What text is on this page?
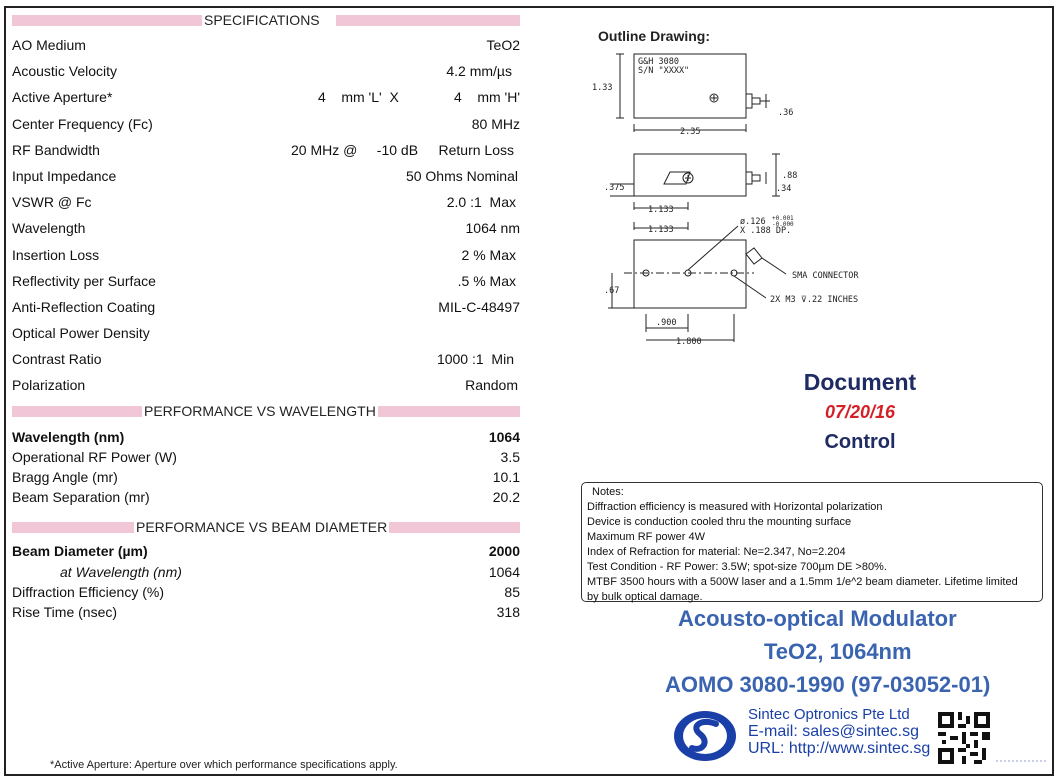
SPECIFICATIONS
AO Medium	TeO2
Acoustic Velocity	4.2 mm/µs
Active Aperture*	4    mm 'L'  X	4    mm 'H'
Center Frequency (Fc)	80 MHz
RF Bandwidth	20 MHz @     -10 dB Return Loss
Input Impedance	50 Ohms Nominal
VSWR @ Fc	2.0 :1  Max
Wavelength	1064 nm
Insertion Loss	2 % Max
Reflectivity per Surface	.5 % Max
Anti-Reflection Coating	MIL-C-48497
Optical Power Density
Contrast Ratio	1000 :1  Min
Polarization	Random
PERFORMANCE VS WAVELENGTH
Wavelength (nm)	1064
Operational RF Power (W)	3.5
Bragg Angle (mr)	10.1
Beam Separation (mr)	20.2
PERFORMANCE VS BEAM DIAMETER
Beam Diameter (µm)	2000
at Wavelength (nm)	1064
Diffraction Efficiency (%)	85
Rise Time (nsec)	318
*Active Aperture: Aperture over which performance specifications apply.
Outline Drawing:
G&H 3080
S/N "XXXX"
1.33
.36
2.35
.88
.34
.375
1.133
1.133
ø.126 +0.001
-0.000
X .188 DP.
SMA CONNECTOR
2X M3 ⊽.22 INCHES
.67
.900
1.800
Document
07/20/16
Control
Notes:
Diffraction efficiency is measured with Horizontal polarization
Device is conduction cooled thru the mounting surface
Maximum RF power 4W
Index of Refraction for material: Ne=2.347, No=2.204
Test Condition - RF Power: 3.5W; spot-size 700µm DE >80%.
MTBF 3500 hours with a 500W laser and a 1.5mm 1/e^2 beam diameter. Lifetime limited
by bulk optical damage.
Acousto-optical Modulator
TeO2, 1064nm
AOMO 3080-1990 (97-03052-01)
Sintec Optronics Pte Ltd
E-mail: sales@sintec.sg
URL: http://www.sintec.sg
